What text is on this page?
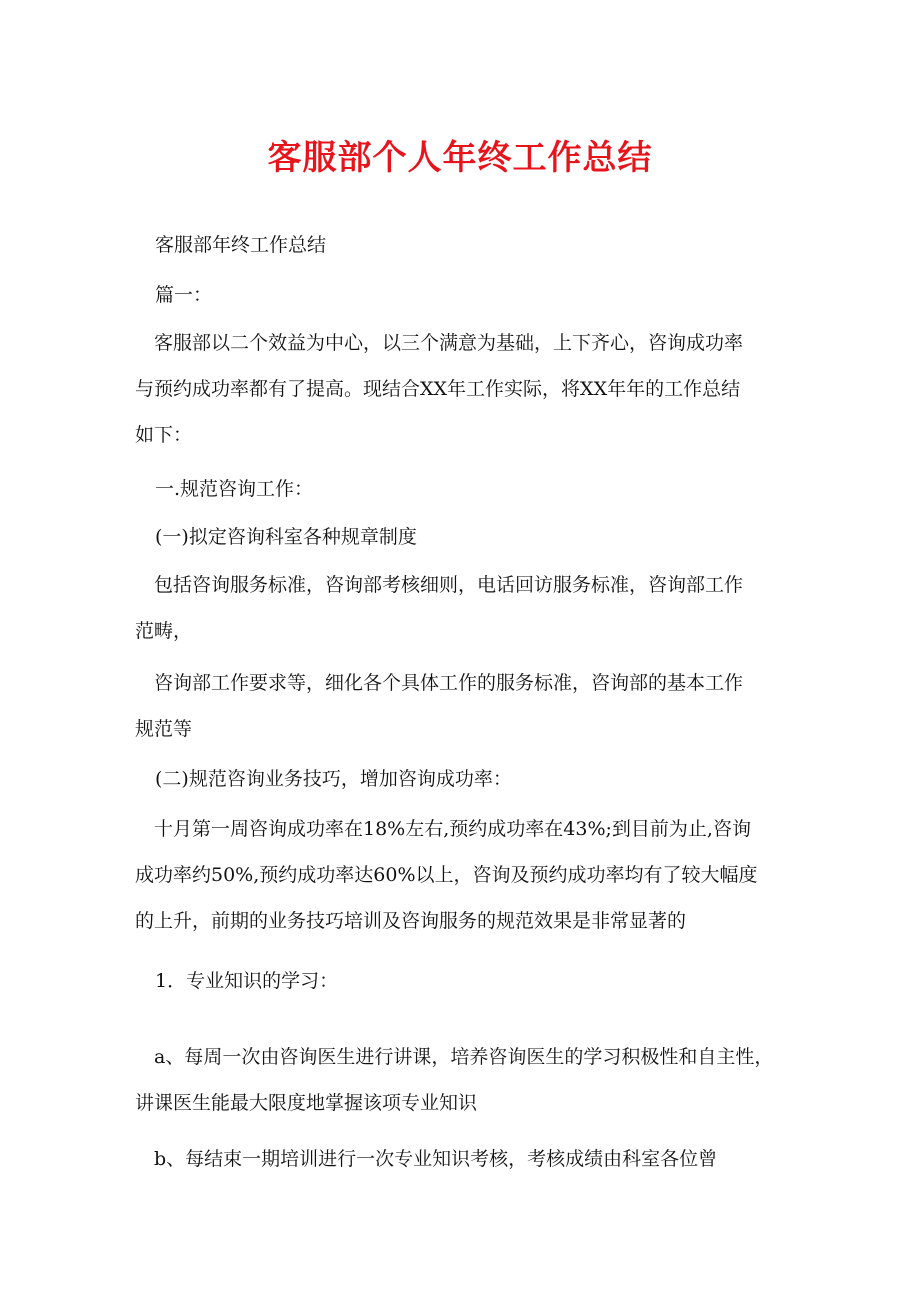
客服部个人年终工作总结

客服部年终工作总结

篇一：

客服部以二个效益为中心，以三个满意为基础，上下齐心，咨询成功率
与预约成功率都有了提高。现结合XX年工作实际，将XX年年的工作总结
如下：

一.规范咨询工作：

(一)拟定咨询科室各种规章制度

包括咨询服务标准，咨询部考核细则，电话回访服务标准，咨询部工作
范畴，

咨询部工作要求等，细化各个具体工作的服务标准，咨询部的基本工作
规范等

(二)规范咨询业务技巧，增加咨询成功率：

十月第一周咨询成功率在18%左右,预约成功率在43%;到目前为止,咨询
成功率约50%,预约成功率达60%以上，咨询及预约成功率均有了较大幅度
的上升，前期的业务技巧培训及咨询服务的规范效果是非常显著的

1．专业知识的学习：

a、每周一次由咨询医生进行讲课，培养咨询医生的学习积极性和自主性，
讲课医生能最大限度地掌握该项专业知识

b、每结束一期培训进行一次专业知识考核，考核成绩由科室各位曾
